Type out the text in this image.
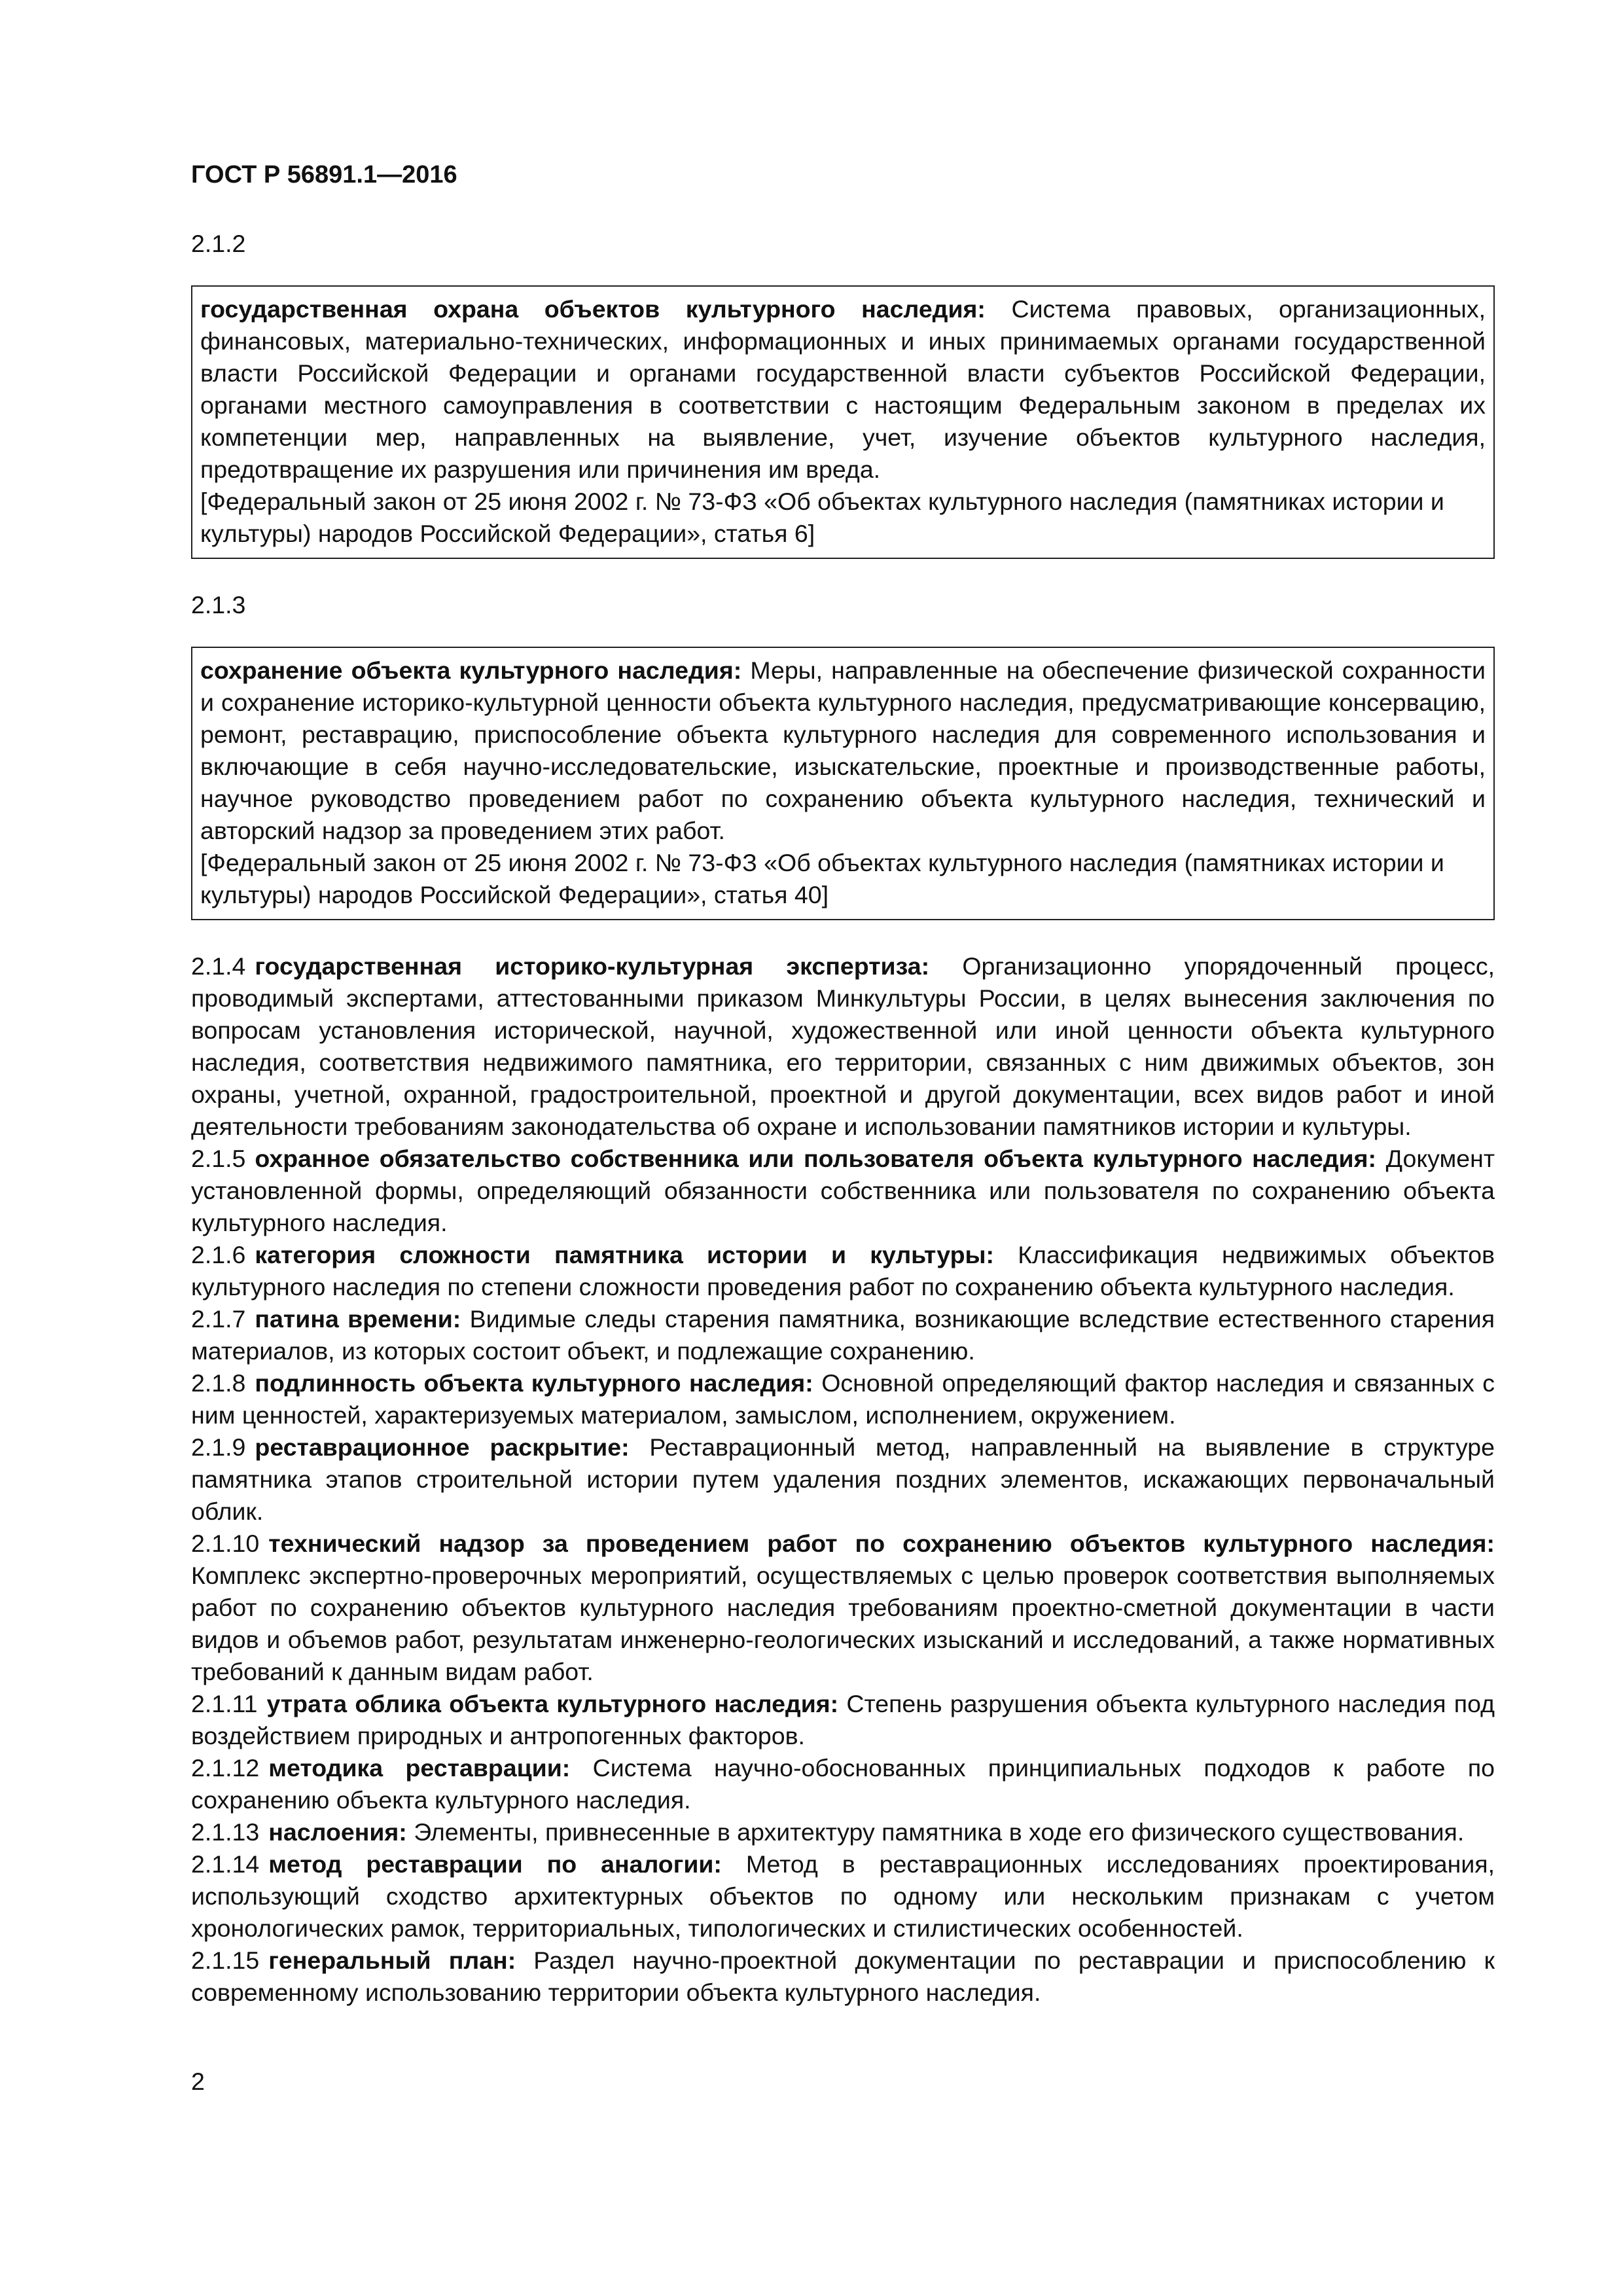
ГОСТ Р 56891.1—2016

2.1.2

государственная охрана объектов культурного наследия: Система правовых, организационных, финансовых, материально-технических, информационных и иных принимаемых органами государственной власти Российской Федерации и органами государственной власти субъектов Российской Федерации, органами местного самоуправления в соответствии с настоящим Федеральным законом в пределах их компетенции мер, направленных на выявление, учет, изучение объектов культурного наследия, предотвращение их разрушения или причинения им вреда.
[Федеральный закон от 25 июня 2002 г. № 73-ФЗ «Об объектах культурного наследия (памятниках истории и культуры) народов Российской Федерации», статья 6]

2.1.3

сохранение объекта культурного наследия: Меры, направленные на обеспечение физической сохранности и сохранение историко-культурной ценности объекта культурного наследия, предусматривающие консервацию, ремонт, реставрацию, приспособление объекта культурного наследия для современного использования и включающие в себя научно-исследовательские, изыскательские, проектные и производственные работы, научное руководство проведением работ по сохранению объекта культурного наследия, технический и авторский надзор за проведением этих работ.
[Федеральный закон от 25 июня 2002 г. № 73-ФЗ «Об объектах культурного наследия (памятниках истории и культуры) народов Российской Федерации», статья 40]

2.1.4 государственная историко-культурная экспертиза: Организационно упорядоченный процесс, проводимый экспертами, аттестованными приказом Минкультуры России, в целях вынесения заключения по вопросам установления исторической, научной, художественной или иной ценности объекта культурного наследия, соответствия недвижимого памятника, его территории, связанных с ним движимых объектов, зон охраны, учетной, охранной, градостроительной, проектной и другой документации, всех видов работ и иной деятельности требованиям законодательства об охране и использовании памятников истории и культуры.

2.1.5 охранное обязательство собственника или пользователя объекта культурного наследия: Документ установленной формы, определяющий обязанности собственника или пользователя по сохранению объекта культурного наследия.

2.1.6 категория сложности памятника истории и культуры: Классификация недвижимых объектов культурного наследия по степени сложности проведения работ по сохранению объекта культурного наследия.

2.1.7 патина времени: Видимые следы старения памятника, возникающие вследствие естественного старения материалов, из которых состоит объект, и подлежащие сохранению.

2.1.8 подлинность объекта культурного наследия: Основной определяющий фактор наследия и связанных с ним ценностей, характеризуемых материалом, замыслом, исполнением, окружением.

2.1.9 реставрационное раскрытие: Реставрационный метод, направленный на выявление в структуре памятника этапов строительной истории путем удаления поздних элементов, искажающих первоначальный облик.

2.1.10 технический надзор за проведением работ по сохранению объектов культурного наследия: Комплекс экспертно-проверочных мероприятий, осуществляемых с целью проверок соответствия выполняемых работ по сохранению объектов культурного наследия требованиям проектно-сметной документации в части видов и объемов работ, результатам инженерно-геологических изысканий и исследований, а также нормативных требований к данным видам работ.

2.1.11 утрата облика объекта культурного наследия: Степень разрушения объекта культурного наследия под воздействием природных и антропогенных факторов.

2.1.12 методика реставрации: Система научно-обоснованных принципиальных подходов к работе по сохранению объекта культурного наследия.

2.1.13 наслоения: Элементы, привнесенные в архитектуру памятника в ходе его физического существования.

2.1.14 метод реставрации по аналогии: Метод в реставрационных исследованиях проектирования, использующий сходство архитектурных объектов по одному или нескольким признакам с учетом хронологических рамок, территориальных, типологических и стилистических особенностей.

2.1.15 генеральный план: Раздел научно-проектной документации по реставрации и приспособлению к современному использованию территории объекта культурного наследия.

2
